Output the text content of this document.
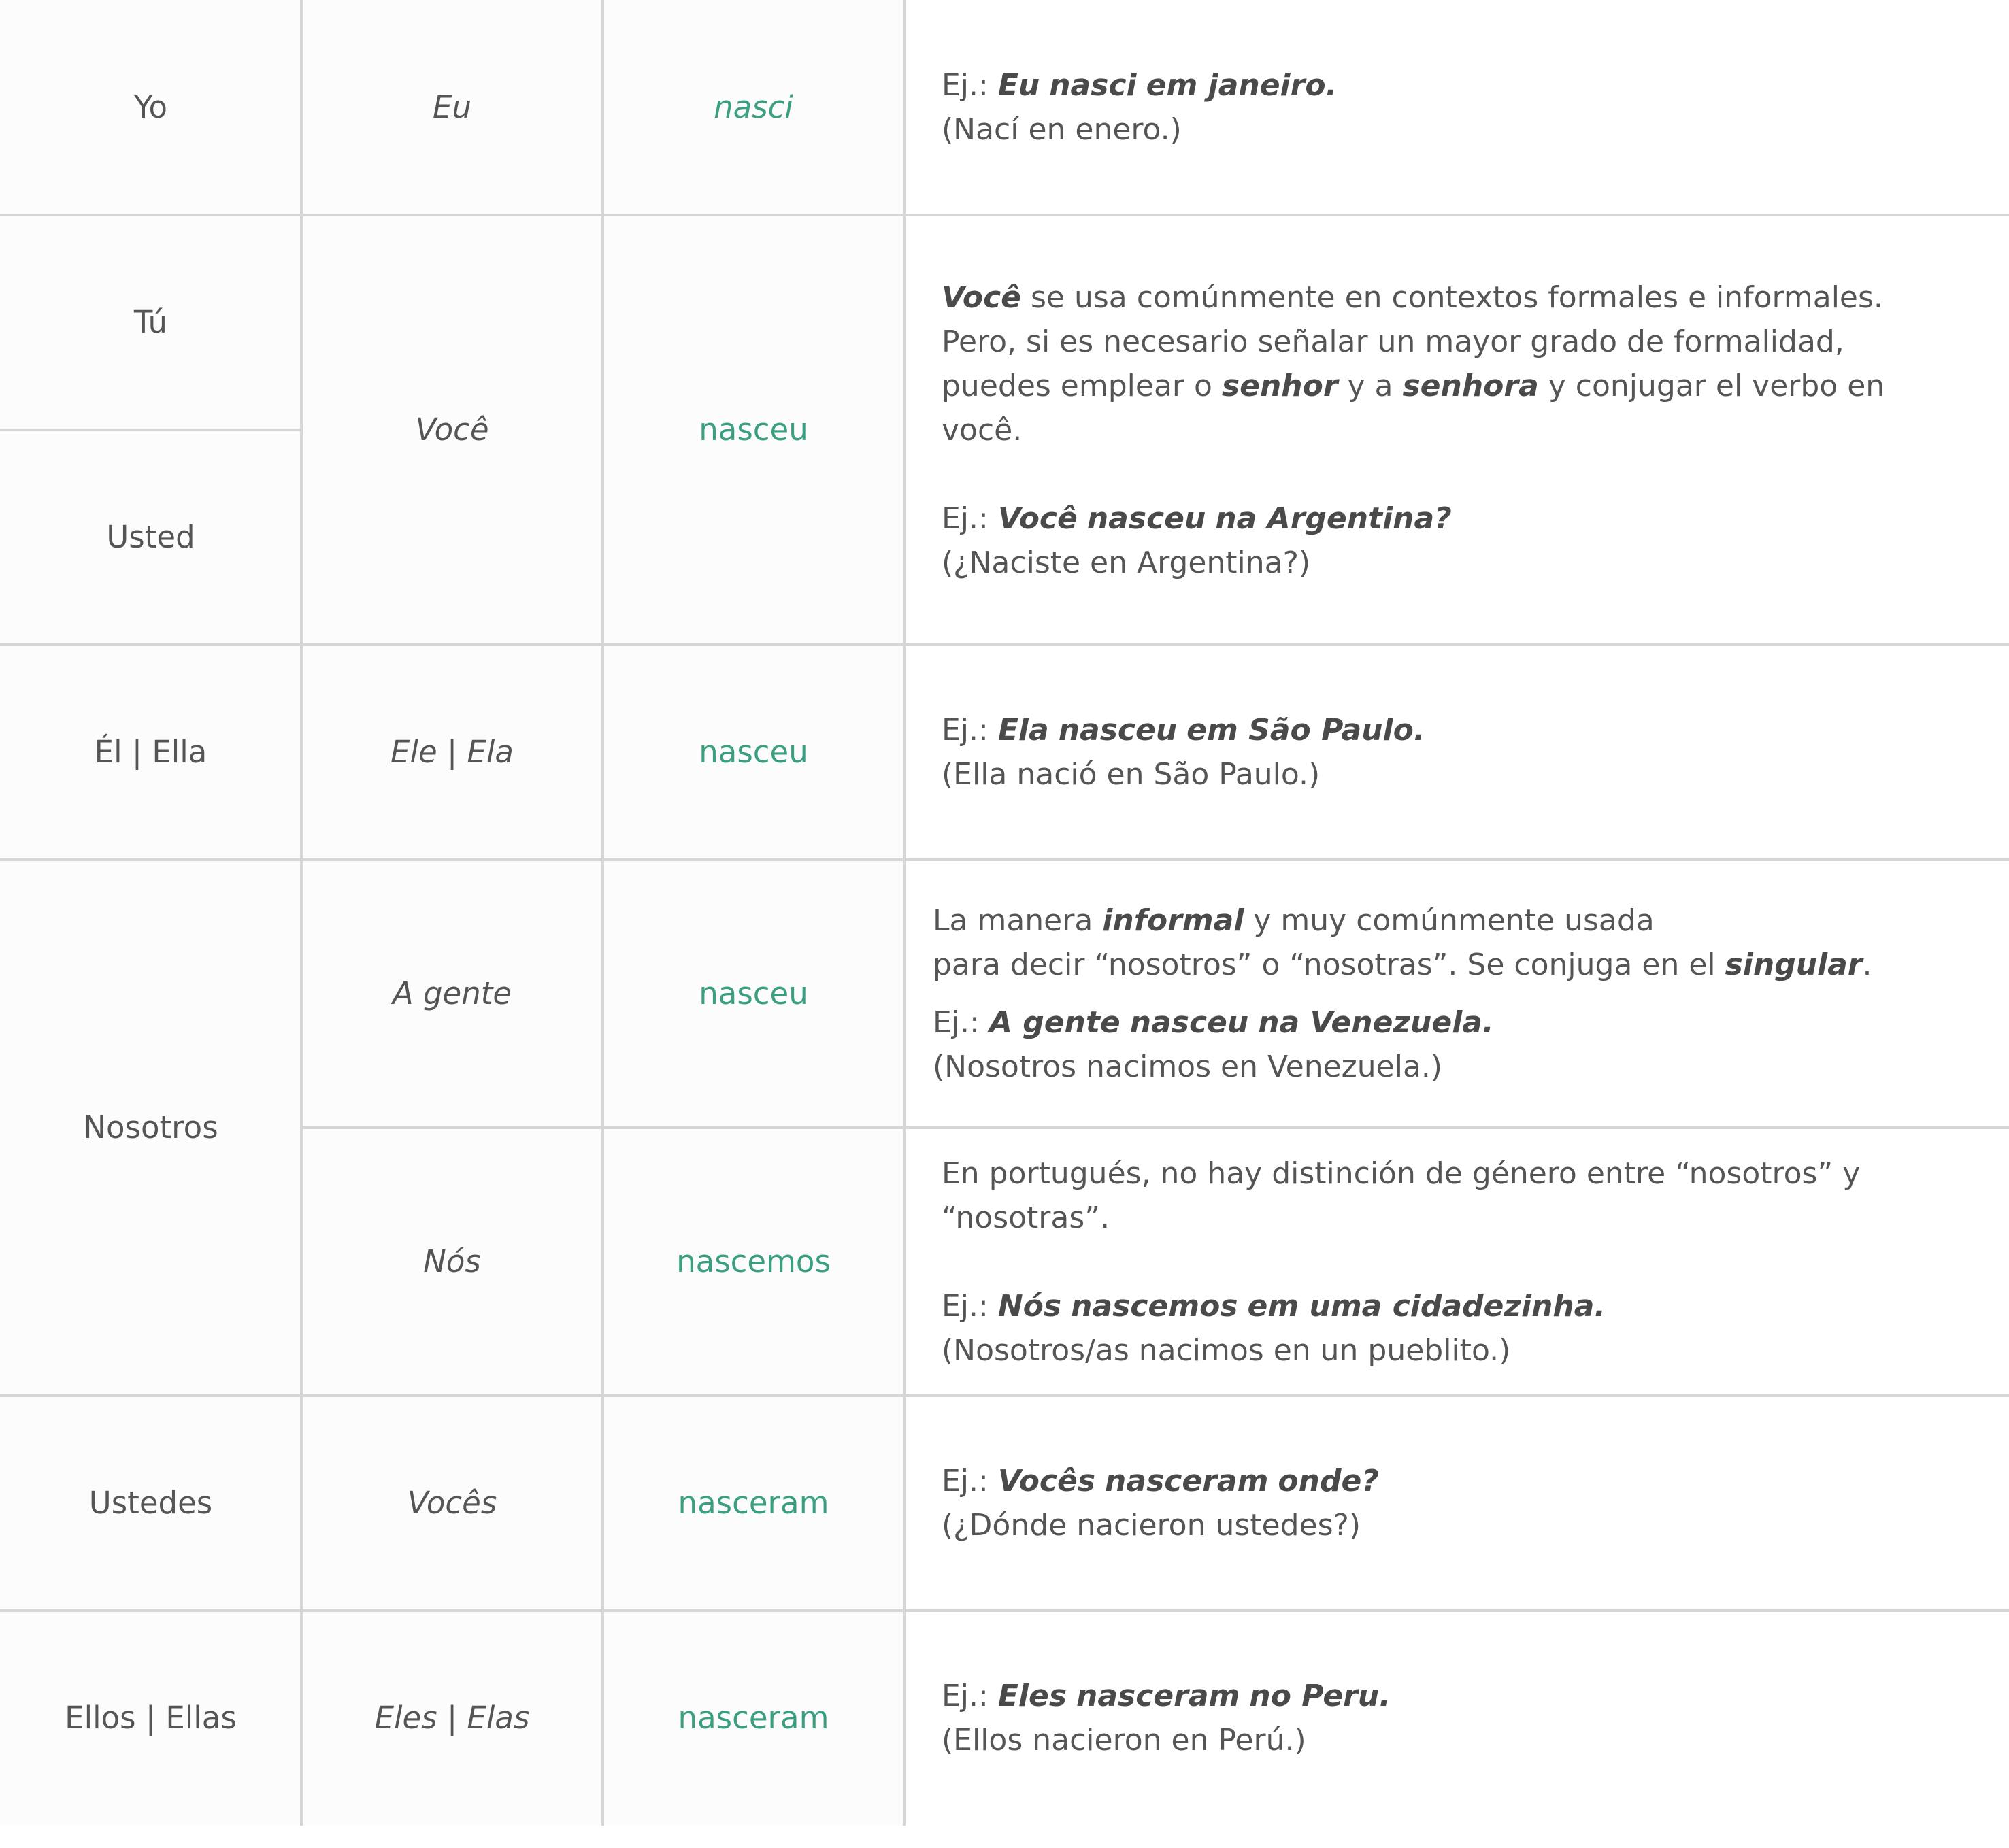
Yo	Eu	nasci

Ej.: Eu nasci em janeiro.

(Nací en enero.)

Tú
Usted
Você	nasceu

Você se usa comúnmente en contextos formales e informales.

Pero, si es necesario señalar un mayor grado de formalidad,

puedes emplear o senhor y a senhora y conjugar el verbo en

você.

Ej.: Você nasceu na Argentina?

(¿Naciste en Argentina?)

Él | Ella	Ele | Ela	nasceu

Ej.: Ela nasceu em São Paulo.

(Ella nació en São Paulo.)

Nosotros
A gente	nasceu

La manera informal y muy comúnmente usada

para decir “nosotros” o “nosotras”. Se conjuga en el singular.

Ej.: A gente nasceu na Venezuela.

(Nosotros nacimos en Venezuela.)

Nós	nascemos

En portugués, no hay distinción de género entre “nosotros” y

“nosotras”.

Ej.: Nós nascemos em uma cidadezinha.

(Nosotros/as nacimos en un pueblito.)

Ustedes	Vocês	nasceram

Ej.: Vocês nasceram onde?

(¿Dónde nacieron ustedes?)

Ellos | Ellas	Eles | Elas	nasceram

Ej.: Eles nasceram no Peru.

(Ellos nacieron en Perú.)
